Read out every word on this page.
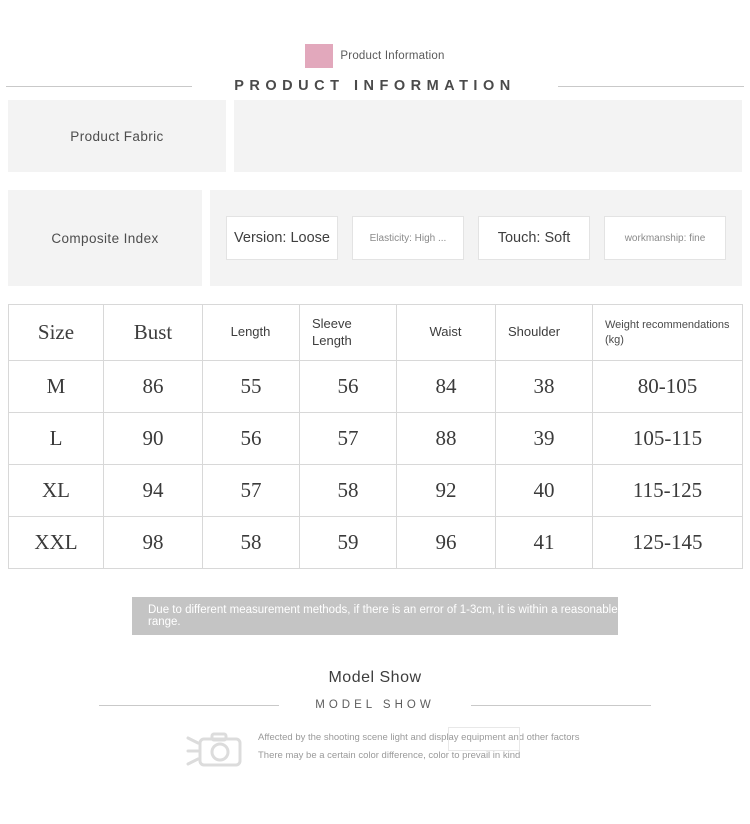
Product Information
PRODUCT INFORMATION
Product Fabric
Composite Index	Version: Loose	Elasticity: High ...	Touch: Soft	workmanship: fine
Size	Bust	Length	Sleeve Length	Waist	Shoulder	Weight recommendations (kg)
M	86	55	56	84	38	80-105
L	90	56	57	88	39	105-115
XL	94	57	58	92	40	115-125
XXL	98	58	59	96	41	125-145
Due to different measurement methods, if there is an error of 1-3cm, it is within a reasonable range.
Model Show
MODEL SHOW
Affected by the shooting scene light and display equipment and other factors
There may be a certain color difference, color to prevail in kind
